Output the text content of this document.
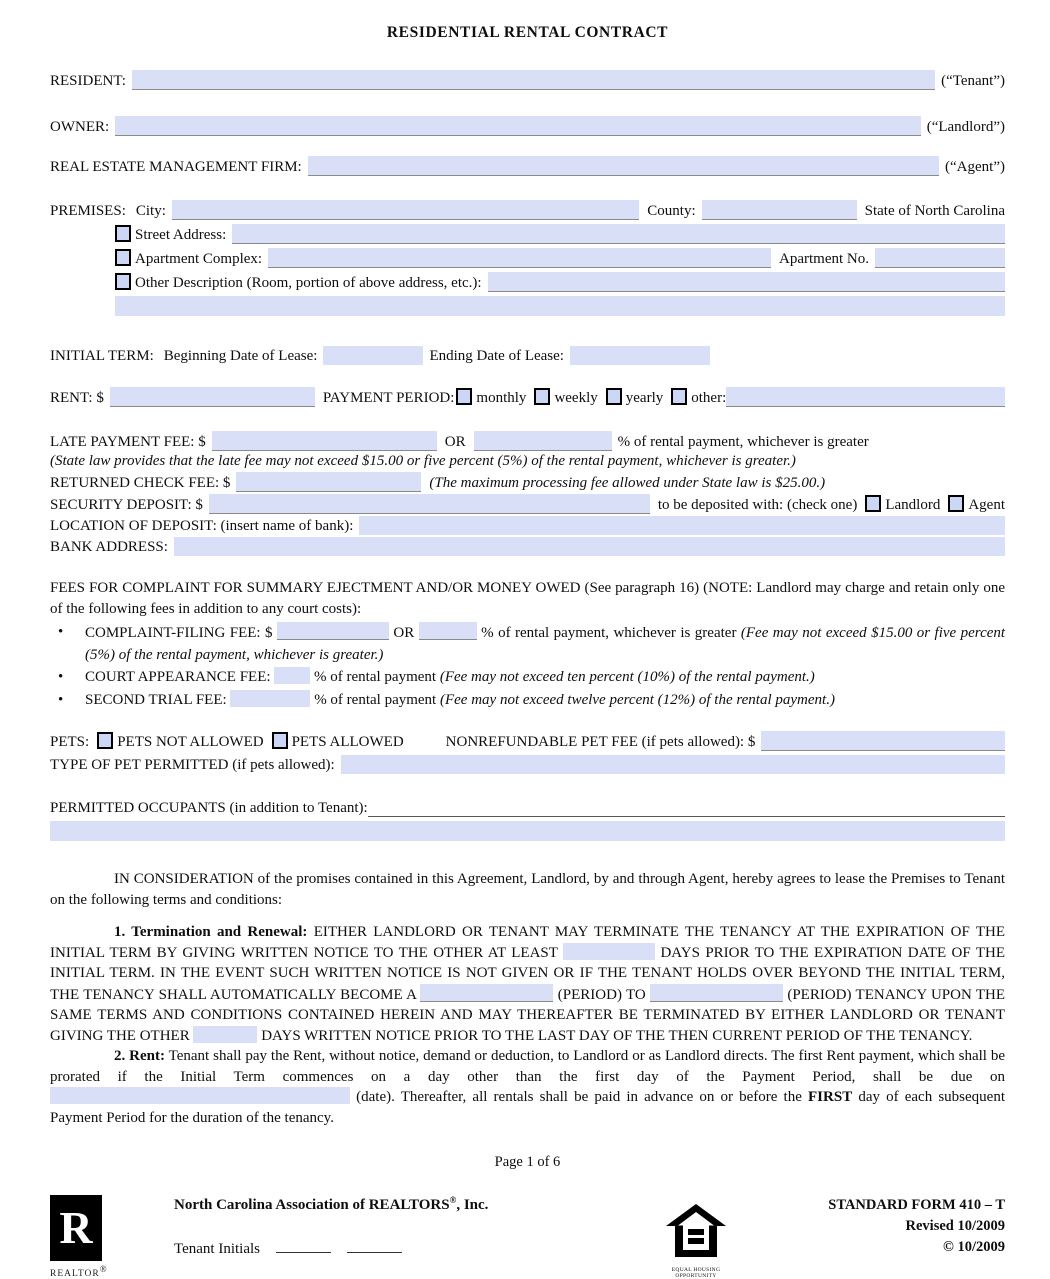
RESIDENTIAL RENTAL CONTRACT
RESIDENT:	(“Tenant”)
OWNER:	(“Landlord”)
REAL ESTATE MANAGEMENT FIRM:	(“Agent”)
PREMISES: City:	County:	State of North Carolina
Street Address:
Apartment Complex:	Apartment No.
Other Description (Room, portion of above address, etc.):
INITIAL TERM: Beginning Date of Lease:	Ending Date of Lease:
RENT: $	PAYMENT PERIOD: monthly weekly yearly other:
LATE PAYMENT FEE: $	OR	% of rental payment, whichever is greater
(State law provides that the late fee may not exceed $15.00 or five percent (5%) of the rental payment, whichever is greater.)
RETURNED CHECK FEE: $	(The maximum processing fee allowed under State law is $25.00.)
SECURITY DEPOSIT: $	to be deposited with: (check one) Landlord Agent
LOCATION OF DEPOSIT: (insert name of bank):
BANK ADDRESS:

FEES FOR COMPLAINT FOR SUMMARY EJECTMENT AND/OR MONEY OWED (See paragraph 16) (NOTE: Landlord may charge and retain only one of the following fees in addition to any court costs):

• COMPLAINT-FILING FEE: $	OR	% of rental payment, whichever is greater (Fee may not exceed $15.00 or five percent (5%) of the rental payment, whichever is greater.)
• COURT APPEARANCE FEE:	% of rental payment (Fee may not exceed ten percent (10%) of the rental payment.)
• SECOND TRIAL FEE:	% of rental payment (Fee may not exceed twelve percent (12%) of the rental payment.)
PETS: PETS NOT ALLOWED PETS ALLOWED	NONREFUNDABLE PET FEE (if pets allowed): $
TYPE OF PET PERMITTED (if pets allowed):
PERMITTED OCCUPANTS (in addition to Tenant):

IN CONSIDERATION of the promises contained in this Agreement, Landlord, by and through Agent, hereby agrees to lease the Premises to Tenant on the following terms and conditions:

1. Termination and Renewal: EITHER LANDLORD OR TENANT MAY TERMINATE THE TENANCY AT THE EXPIRATION OF THE INITIAL TERM BY GIVING WRITTEN NOTICE TO THE OTHER AT LEAST	DAYS PRIOR TO THE EXPIRATION DATE OF THE INITIAL TERM. IN THE EVENT SUCH WRITTEN NOTICE IS NOT GIVEN OR IF THE TENANT HOLDS OVER BEYOND THE INITIAL TERM, THE TENANCY SHALL AUTOMATICALLY BECOME A	(PERIOD) TO	(PERIOD) TENANCY UPON THE SAME TERMS AND CONDITIONS CONTAINED HEREIN AND MAY THEREAFTER BE TERMINATED BY EITHER LANDLORD OR TENANT GIVING THE OTHER	DAYS WRITTEN NOTICE PRIOR TO THE LAST DAY OF THE THEN CURRENT PERIOD OF THE TENANCY.

2. Rent: Tenant shall pay the Rent, without notice, demand or deduction, to Landlord or as Landlord directs. The first Rent payment, which shall be prorated if the Initial Term commences on a day other than the first day of the Payment Period, shall be due on  (date). Thereafter, all rentals shall be paid in advance on or before the FIRST day of each subsequent Payment Period for the duration of the tenancy.

Page 1 of 6
R
REALTOR®
North Carolina Association of REALTORS®, Inc.
Tenant Initials
EQUAL HOUSING OPPORTUNITY
STANDARD FORM 410 – T
Revised 10/2009
© 10/2009
